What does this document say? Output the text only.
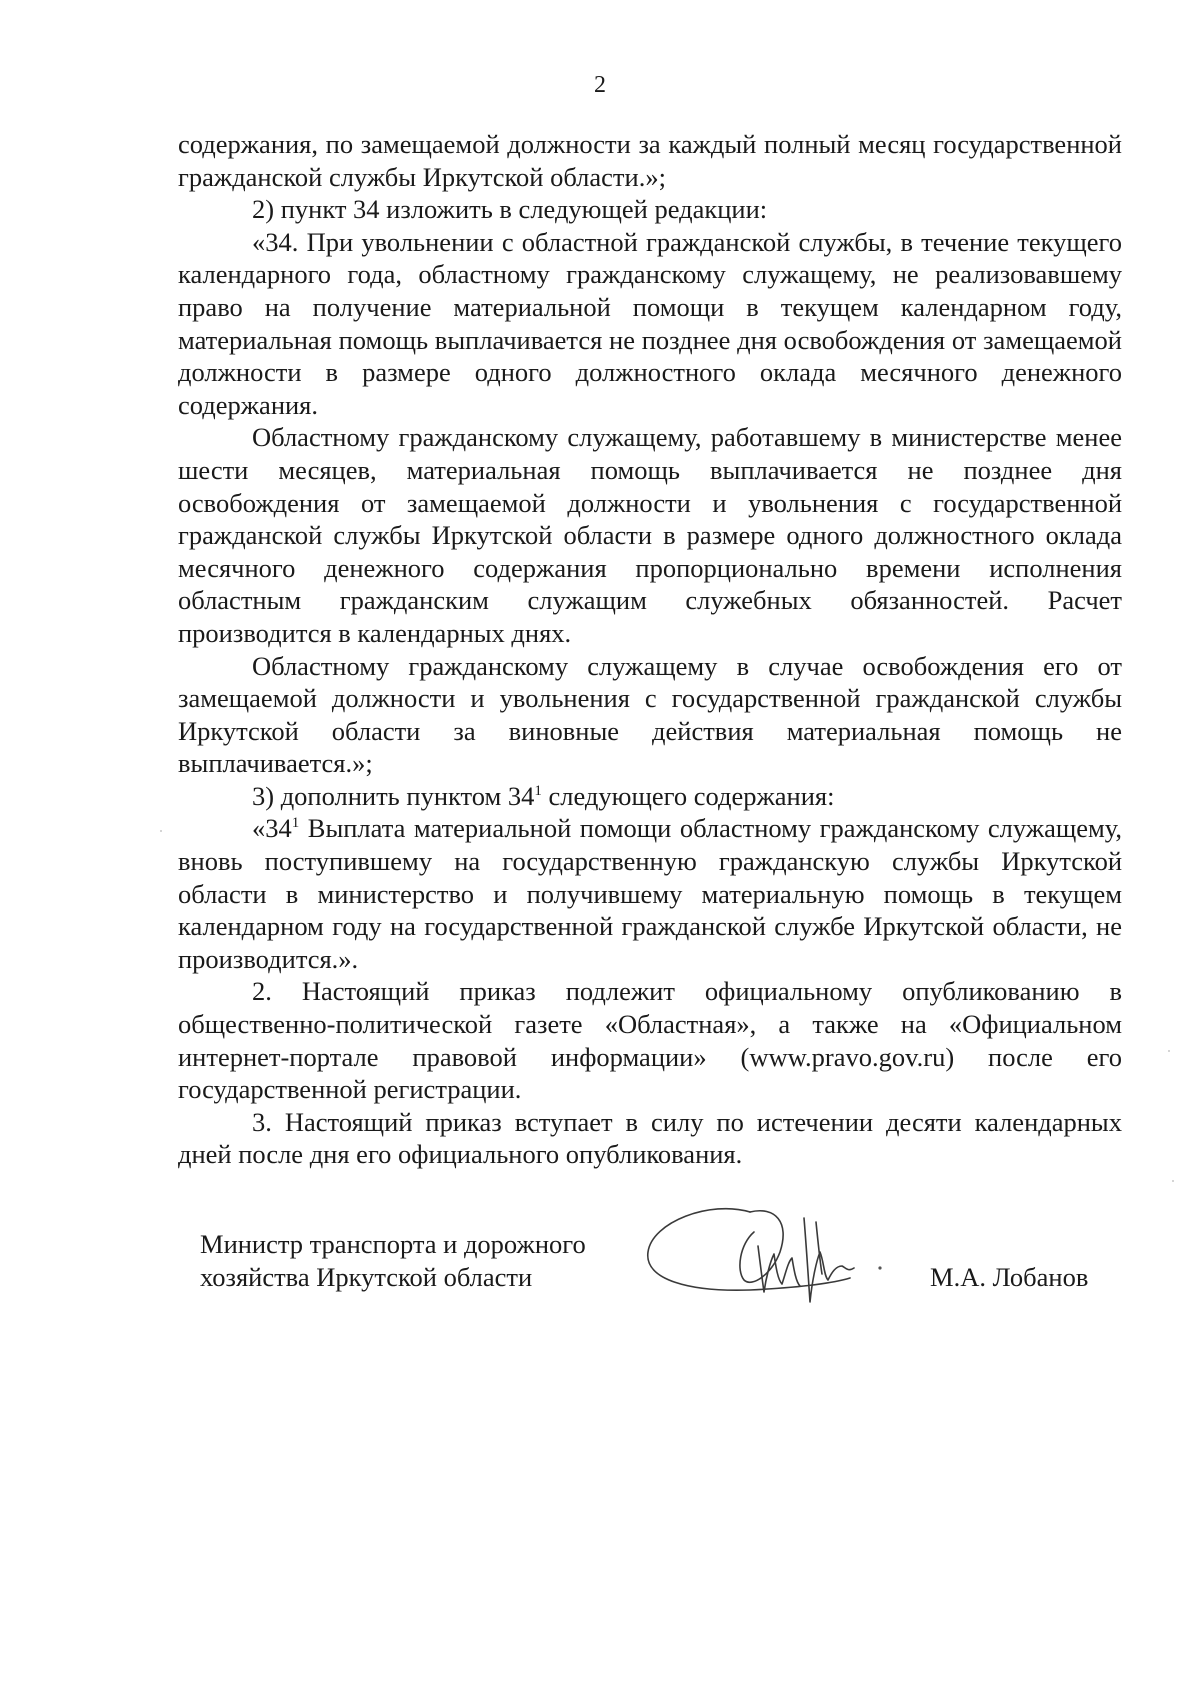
2

содержания, по замещаемой должности за каждый полный месяц государственной гражданской службы Иркутской области.»;

2) пункт 34 изложить в следующей редакции:

«34. При увольнении с областной гражданской службы, в течение текущего календарного года, областному гражданскому служащему, не реализовавшему право на получение материальной помощи в текущем календарном году, материальная помощь выплачивается не позднее дня освобождения от замещаемой должности в размере одного должностного оклада месячного денежного содержания.

Областному гражданскому служащему, работавшему в министерстве менее шести месяцев, материальная помощь выплачивается не позднее дня освобождения от замещаемой должности и увольнения с государственной гражданской службы Иркутской области в размере одного должностного оклада месячного денежного содержания пропорционально времени исполнения областным гражданским служащим служебных обязанностей. Расчет производится в календарных днях.

Областному гражданскому служащему в случае освобождения его от замещаемой должности и увольнения с государственной гражданской службы Иркутской области за виновные действия материальная помощь не выплачивается.»;

3) дополнить пунктом $34^1$ следующего содержания:

«$34^1$ Выплата материальной помощи областному гражданскому служащему, вновь поступившему на государственную гражданскую службы Иркутской области в министерство и получившему материальную помощь в текущем календарном году на государственной гражданской службе Иркутской области, не производится.».

2. Настоящий приказ подлежит официальному опубликованию в общественно-политической газете «Областная», а также на «Официальном интернет-портале правовой информации» (www.pravo.gov.ru) после его государственной регистрации.

3. Настоящий приказ вступает в силу по истечении десяти календарных дней после дня его официального опубликования.

Министр транспорта и дорожного
хозяйства Иркутской области	М.А. Лобанов
